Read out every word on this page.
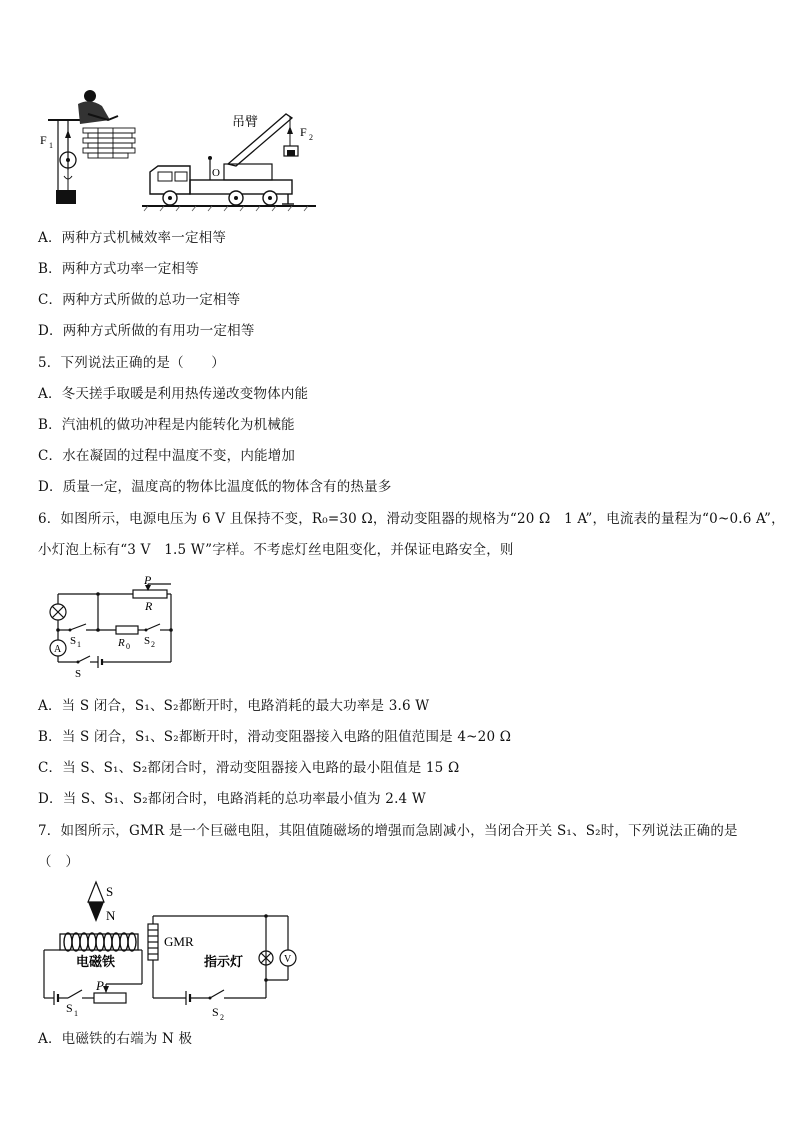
F 1
O
吊臂
F 2
A．两种方式机械效率一定相等
B．两种方式功率一定相等
C．两种方式所做的总功一定相等
D．两种方式所做的有用功一定相等
5．下列说法正确的是（　　）
A．冬天搓手取暖是利用热传递改变物体内能
B．汽油机的做功冲程是内能转化为机械能
C．水在凝固的过程中温度不变，内能增加
D．质量一定，温度高的物体比温度低的物体含有的热量多
6．如图所示，电源电压为 6 V 且保持不变，R₀=30 Ω，滑动变阻器的规格为“20 Ω　1 A”，电流表的量程为“0~0.6 A”，
小灯泡上标有“3 V　1.5 W”字样。不考虑灯丝电阻变化，并保证电路安全，则
P
R
S 1	R 0 S 2
A
S
A．当 S 闭合，S₁、S₂都断开时，电路消耗的最大功率是 3.6 W
B．当 S 闭合，S₁、S₂都断开时，滑动变阻器接入电路的阻值范围是 4~20 Ω
C．当 S、S₁、S₂都闭合时，滑动变阻器接入电路的最小阻值是 15 Ω
D．当 S、S₁、S₂都闭合时，电路消耗的总功率最小值为 2.4 W
7．如图所示，GMR 是一个巨磁电阻，其阻值随磁场的增强而急剧减小，当闭合开关 S₁、S₂时，下列说法正确的是
（　）
S
N
电磁铁
P
S 1
GMR
指示灯	V
S 2
A．电磁铁的右端为 N 极
